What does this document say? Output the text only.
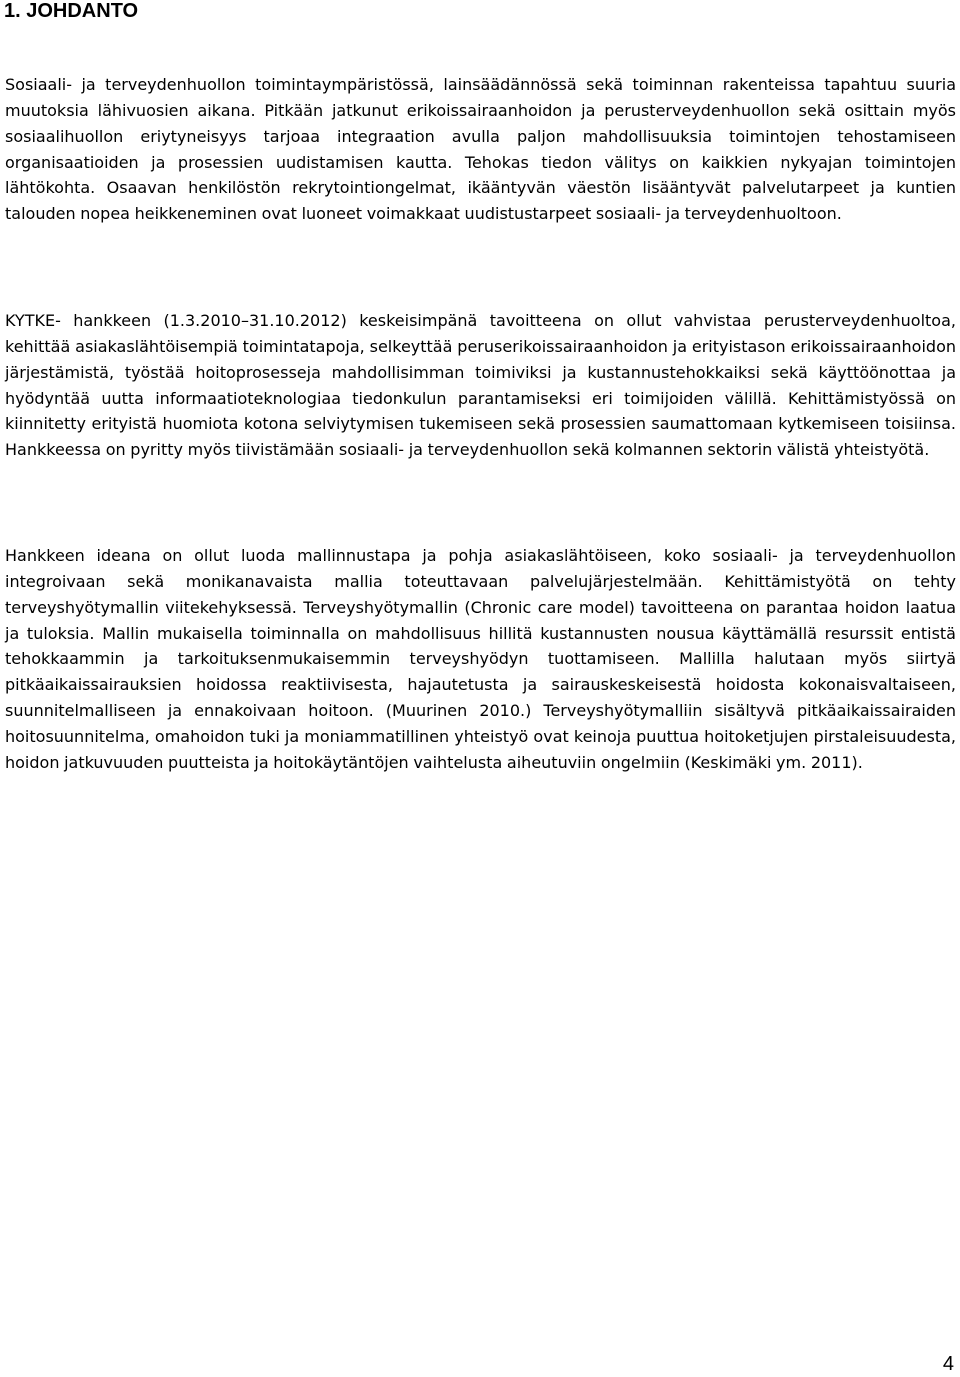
1. JOHDANTO

Sosiaali- ja terveydenhuollon toimintaympäristössä, lainsäädännössä sekä toiminnan rakenteissa tapahtuu suuria muutoksia lähivuosien aikana. Pitkään jatkunut erikoissairaanhoidon ja perusterveydenhuollon sekä osittain myös sosiaalihuollon eriytyneisyys tarjoaa integraation avulla paljon mahdollisuuksia toimintojen tehostamiseen organisaatioiden ja prosessien uudistamisen kautta. Tehokas tiedon välitys on kaikkien nykyajan toimintojen lähtökohta. Osaavan henkilöstön rekrytointiongelmat, ikääntyvän väestön lisääntyvät palvelutarpeet ja kuntien talouden nopea heikkeneminen ovat luoneet voimakkaat uudistustarpeet sosiaali- ja terveydenhuoltoon.

KYTKE- hankkeen (1.3.2010–31.10.2012) keskeisimpänä tavoitteena on ollut vahvistaa perusterveydenhuoltoa, kehittää asiakaslähtöisempiä toimintatapoja, selkeyttää peruserikoissairaanhoidon ja erityistason erikoissairaanhoidon järjestämistä, työstää hoitoprosesseja mahdollisimman toimiviksi ja kustannustehokkaiksi sekä käyttöönottaa ja hyödyntää uutta informaatioteknologiaa tiedonkulun parantamiseksi eri toimijoiden välillä. Kehittämistyössä on kiinnitetty erityistä huomiota kotona selviytymisen tukemiseen sekä prosessien saumattomaan kytkemiseen toisiinsa. Hankkeessa on pyritty myös tiivistämään sosiaali- ja terveydenhuollon sekä kolmannen sektorin välistä yhteistyötä.

Hankkeen ideana on ollut luoda mallinnustapa ja pohja asiakaslähtöiseen, koko sosiaali- ja terveydenhuollon integroivaan sekä monikanavaista mallia toteuttavaan palvelujärjestelmään. Kehittämistyötä on tehty terveyshyötymallin viitekehyksessä. Terveyshyötymallin (Chronic care model) tavoitteena on parantaa hoidon laatua ja tuloksia. Mallin mukaisella toiminnalla on mahdollisuus hillitä kustannusten nousua käyttämällä resurssit entistä tehokkaammin ja tarkoituksenmukaisemmin terveyshyödyn tuottamiseen. Mallilla halutaan myös siirtyä pitkäaikaissairauksien hoidossa reaktiivisesta, hajautetusta ja sairauskeskeisestä hoidosta kokonaisvaltaiseen, suunnitelmalliseen ja ennakoivaan hoitoon. (Muurinen 2010.) Terveyshyötymalliin sisältyvä pitkäaikaissairaiden hoitosuunnitelma, omahoidon tuki ja moniammatillinen yhteistyö ovat keinoja puuttua hoitoketjujen pirstaleisuudesta, hoidon jatkuvuuden puutteista ja hoitokäytäntöjen vaihtelusta aiheutuviin ongelmiin (Keskimäki ym. 2011).

4
